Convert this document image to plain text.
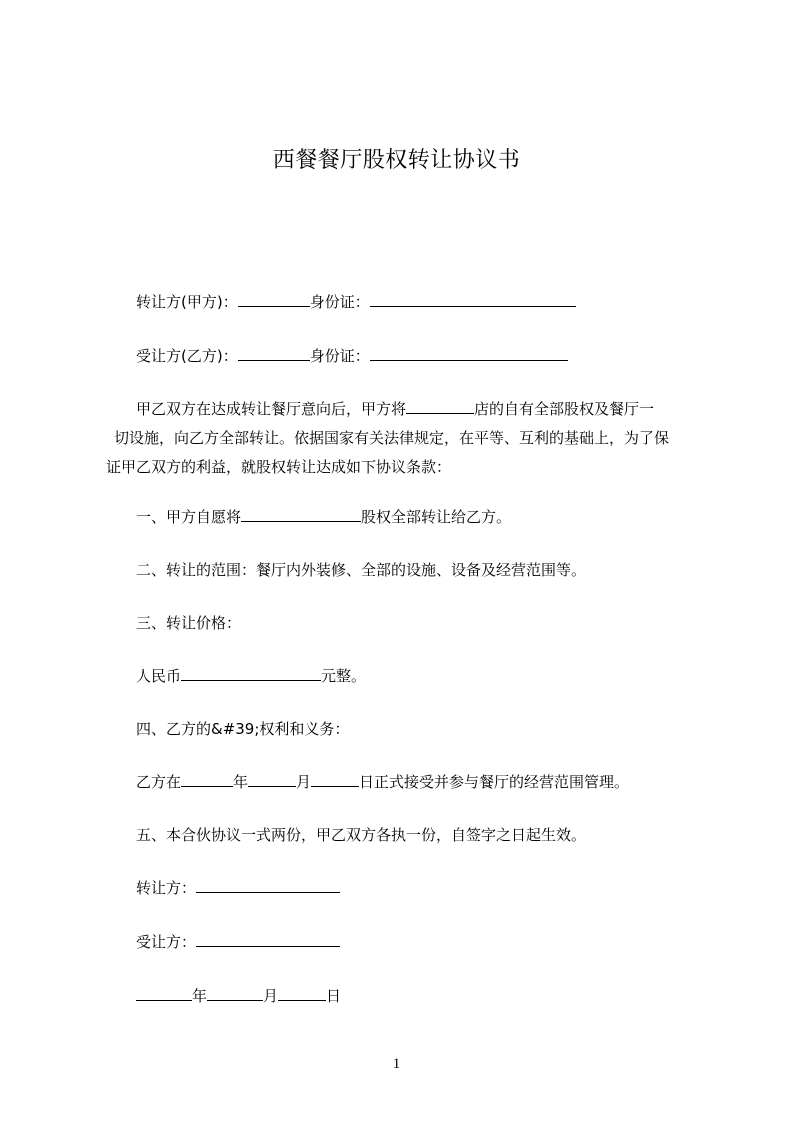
西餐餐厅股权转让协议书
转让方(甲方)：	身份证：
受让方(乙方)：	身份证：
甲乙双方在达成转让餐厅意向后，甲方将	店的自有全部股权及餐厅一
切设施，向乙方全部转让。依据国家有关法律规定，在平等、互利的基础上，为了保
证甲乙双方的利益，就股权转让达成如下协议条款：
一、甲方自愿将	股权全部转让给乙方。
二、转让的范围：餐厅内外装修、全部的设施、设备及经营范围等。
三、转让价格：
人民币	元整。
四、乙方的&#39;权利和义务：
乙方在	年	月	日正式接受并参与餐厅的经营范围管理。
五、本合伙协议一式两份，甲乙双方各执一份，自签字之日起生效。
转让方：
受让方：
年	月	日
1
